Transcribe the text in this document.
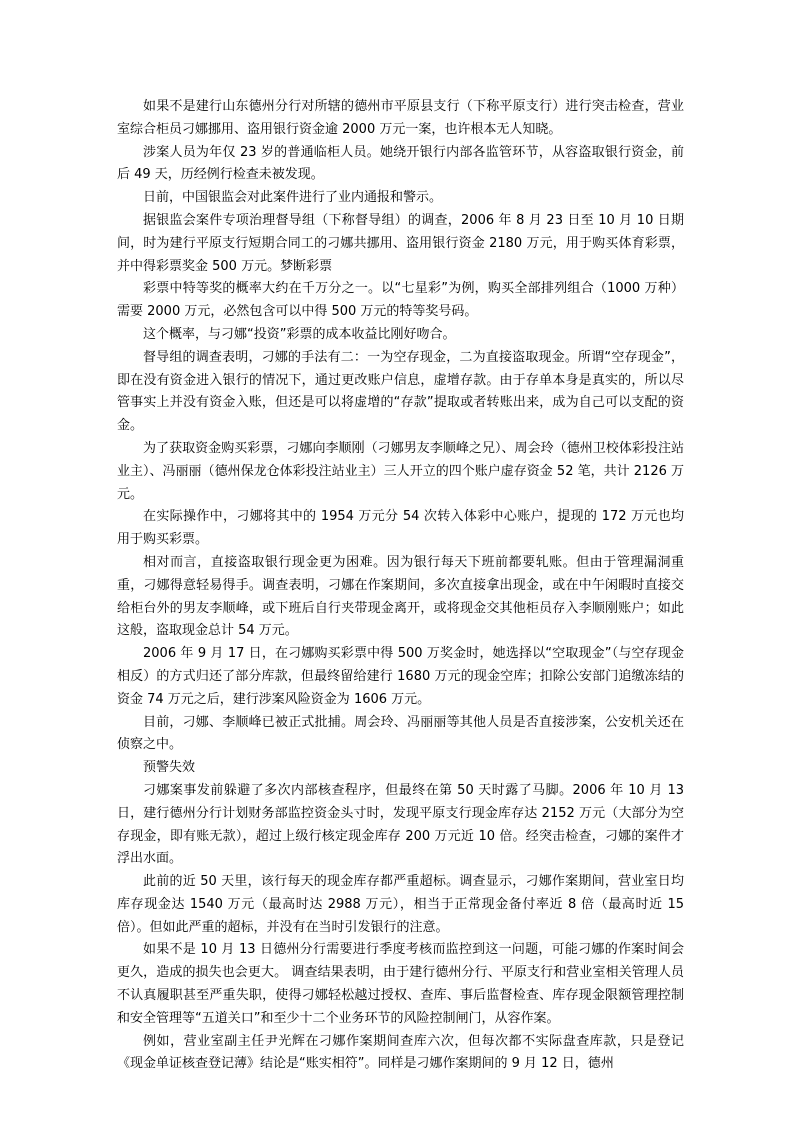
如果不是建行山东德州分行对所辖的德州市平原县支行（下称平原支行）进行突击检查，营业室综合柜员刁娜挪用、盗用银行资金逾 2000 万元一案，也许根本无人知晓。

涉案人员为年仅 23 岁的普通临柜人员。她绕开银行内部各监管环节，从容盗取银行资金，前后 49 天，历经例行检查未被发现。

日前，中国银监会对此案件进行了业内通报和警示。

据银监会案件专项治理督导组（下称督导组）的调查，2006 年 8 月 23 日至 10 月 10 日期间，时为建行平原支行短期合同工的刁娜共挪用、盗用银行资金 2180 万元，用于购买体育彩票，并中得彩票奖金 500 万元。梦断彩票

彩票中特等奖的概率大约在千万分之一。以“七星彩”为例，购买全部排列组合（1000 万种）需要 2000 万元，必然包含可以中得 500 万元的特等奖号码。

这个概率，与刁娜“投资”彩票的成本收益比刚好吻合。

督导组的调查表明，刁娜的手法有二：一为空存现金，二为直接盗取现金。所谓“空存现金”，即在没有资金进入银行的情况下，通过更改账户信息，虚增存款。由于存单本身是真实的，所以尽管事实上并没有资金入账，但还是可以将虚增的“存款”提取或者转账出来，成为自己可以支配的资金。

为了获取资金购买彩票，刁娜向李顺刚（刁娜男友李顺峰之兄）、周会玲（德州卫校体彩投注站业主）、冯丽丽（德州保龙仓体彩投注站业主）三人开立的四个账户虚存资金 52 笔，共计 2126 万元。

在实际操作中，刁娜将其中的 1954 万元分 54 次转入体彩中心账户，提现的 172 万元也均用于购买彩票。

相对而言，直接盗取银行现金更为困难。因为银行每天下班前都要轧账。但由于管理漏洞重重，刁娜得意轻易得手。调查表明，刁娜在作案期间，多次直接拿出现金，或在中午闲暇时直接交给柜台外的男友李顺峰，或下班后自行夹带现金离开，或将现金交其他柜员存入李顺刚账户；如此这般，盗取现金总计 54 万元。

2006 年 9 月 17 日，在刁娜购买彩票中得 500 万奖金时，她选择以“空取现金”（与空存现金相反）的方式归还了部分库款，但最终留给建行 1680 万元的现金空库；扣除公安部门追缴冻结的资金 74 万元之后，建行涉案风险资金为 1606 万元。

目前，刁娜、李顺峰已被正式批捕。周会玲、冯丽丽等其他人员是否直接涉案，公安机关还在侦察之中。

预警失效

刁娜案事发前躲避了多次内部核查程序，但最终在第 50 天时露了马脚。2006 年 10 月 13 日，建行德州分行计划财务部监控资金头寸时，发现平原支行现金库存达 2152 万元（大部分为空存现金，即有账无款），超过上级行核定现金库存 200 万元近 10 倍。经突击检查，刁娜的案件才浮出水面。

此前的近 50 天里，该行每天的现金库存都严重超标。调查显示，刁娜作案期间，营业室日均库存现金达 1540 万元（最高时达 2988 万元），相当于正常现金备付率近 8 倍（最高时近 15 倍）。但如此严重的超标，并没有在当时引发银行的注意。

如果不是 10 月 13 日德州分行需要进行季度考核而监控到这一问题，可能刁娜的作案时间会更久，造成的损失也会更大。 调查结果表明，由于建行德州分行、平原支行和营业室相关管理人员不认真履职甚至严重失职，使得刁娜轻松越过授权、查库、事后监督检查、库存现金限额管理控制和安全管理等“五道关口”和至少十二个业务环节的风险控制闸门，从容作案。

例如，营业室副主任尹光辉在刁娜作案期间查库六次，但每次都不实际盘查库款，只是登记《现金单证核查登记薄》结论是“账实相符”。同样是刁娜作案期间的 9 月 12 日，德州
